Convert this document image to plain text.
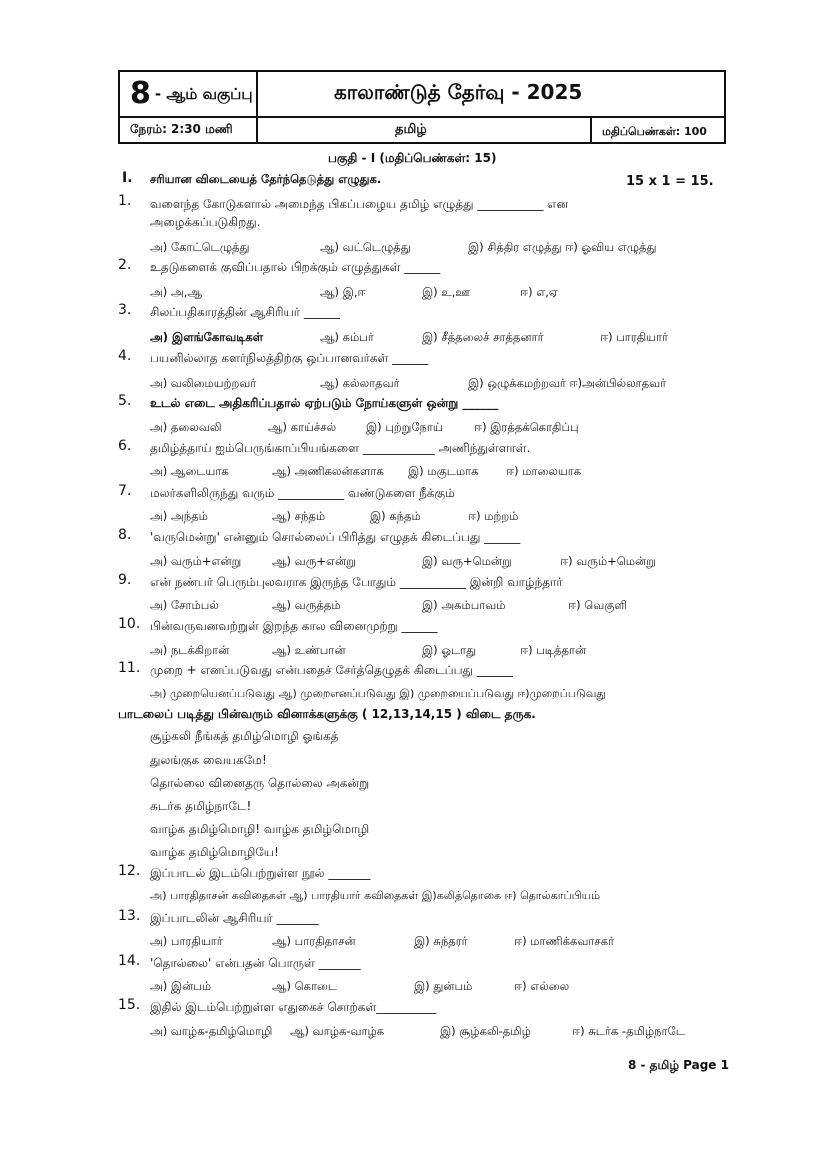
8 - ஆம் வகுப்பு	காலாண்டுத் தேர்வு - 2025
நேரம்: 2:30 மணி	தமிழ்	மதிப்பெண்கள்: 100
பகுதி - I (மதிப்பெண்கள்: 15)
I. சரியான விடையைத் தேர்ந்தெடுத்து எழுதுக.	15 x 1 = 15.
1. வளைந்த கோடுகளால் அமைந்த பிகப்பழைய தமிழ் எழுத்து ___________ என
அழைக்கப்படுகிறது.
அ) கோட்டெழுத்து	ஆ) வட்டெழுத்து	இ) சித்திர எழுத்து ஈ) ஓவிய எழுத்து
2. உதடுகளைக் குவிப்பதால் பிறக்கும் எழுத்துகள் ______
அ) அ,ஆ	ஆ) இ,ஈ	இ) உ,ஊ	ஈ) எ,ஏ
3. சிலப்பதிகாரத்தின் ஆசிரியர் ______
அ) இளங்கோவடிகள்	ஆ) கம்பர்	இ) சீத்தலைச் சாத்தனார்	ஈ) பாரதியார்
4. பயனில்லாத களர்நிலத்திற்கு ஒப்பானவர்கள் ______
அ) வலிமையற்றவர்	ஆ) கல்லாதவர்	இ) ஒழுக்கமற்றவர் ஈ)அன்பில்லாதவர்
5. உடல் எடை அதிகரிப்பதால் ஏற்படும் நோய்களுள் ஒன்று ______
அ) தலைவலி	ஆ) காய்ச்சல்	இ) புற்றுநோய்	ஈ) இரத்தக்கொதிப்பு
6. தமிழ்த்தாய் ஐம்பெருங்காப்பியங்களை ____________ அணிந்துள்ளாள்.
அ) ஆடையாக	ஆ) அணிகலன்களாக இ) மகுடமாக ஈ) மாலையாக
7. மலர்களிலிருந்து வரும் ___________ வண்டுகளை நீக்கும்
அ) அந்தம்	ஆ) சந்தம்	இ) கந்தம்	ஈ) மற்றம்
8. 'வருமென்று' என்னும் சொல்லைப் பிரித்து எழுதக் கிடைப்பது ______
அ) வரும்+என்று	ஆ) வரு+என்று	இ) வரு+மென்று	ஈ) வரும்+மென்று
9. என் நண்பர் பெரும்புலவராக இருந்த போதும் ___________ இன்றி வாழ்ந்தார்
அ) சோம்பல்	ஆ) வருத்தம்	இ) அகம்பாவம்	ஈ) வெகுளி
10. பின்வருவனவற்றுள் இறந்த கால வினைமுற்று ______
அ) நடக்கிறான்	ஆ) உண்பான்	இ) ஓடாது	ஈ) படித்தான்
11. முறை + எனப்படுவது என்பதைச் சேர்த்தெழுதக் கிடைப்பது ______
அ) முறையெனப்படுவது ஆ) முறைஎனப்படுவது இ) முறையைப்படுவது ஈ)முறைப்படுவது
பாடலைப் படித்து பின்வரும் வினாக்களுக்கு ( 12,13,14,15 ) விடை தருக.
சூழ்கலி நீங்கத் தமிழ்மொழி ஓங்கத்
துலங்குக வையகமே!
தொல்லை வினைதரு தொல்லை அகன்று
சுடர்க தமிழ்நாடே!
வாழ்க தமிழ்மொழி! வாழ்க தமிழ்மொழி
வாழ்க தமிழ்மொழியே!
12. இப்பாடல் இடம்பெற்றுள்ள நூல் _______
அ) பாரதிதாசன் கவிதைகள் ஆ) பாரதியார் கவிதைகள் இ)கலித்தொகை ஈ) தொல்காப்பியம்
13. இப்பாடலின் ஆசிரியர் _______
அ) பாரதியார்	ஆ) பாரதிதாசன்	இ) சுந்தரர்	ஈ) மாணிக்கவாசகர்
14. 'தொல்லை' என்பதன் பொருள் _______
அ) இன்பம்	ஆ) கொடை	இ) துன்பம்	ஈ) எல்லை
15. இதில் இடம்பெற்றுள்ள எதுகைச் சொற்கள்__________
அ) வாழ்க-தமிழ்மொழி ஆ) வாழ்க-வாழ்க	இ) சூழ்கலி-தமிழ்	ஈ) சுடர்க -தமிழ்நாடே
8 - தமிழ் Page 1
